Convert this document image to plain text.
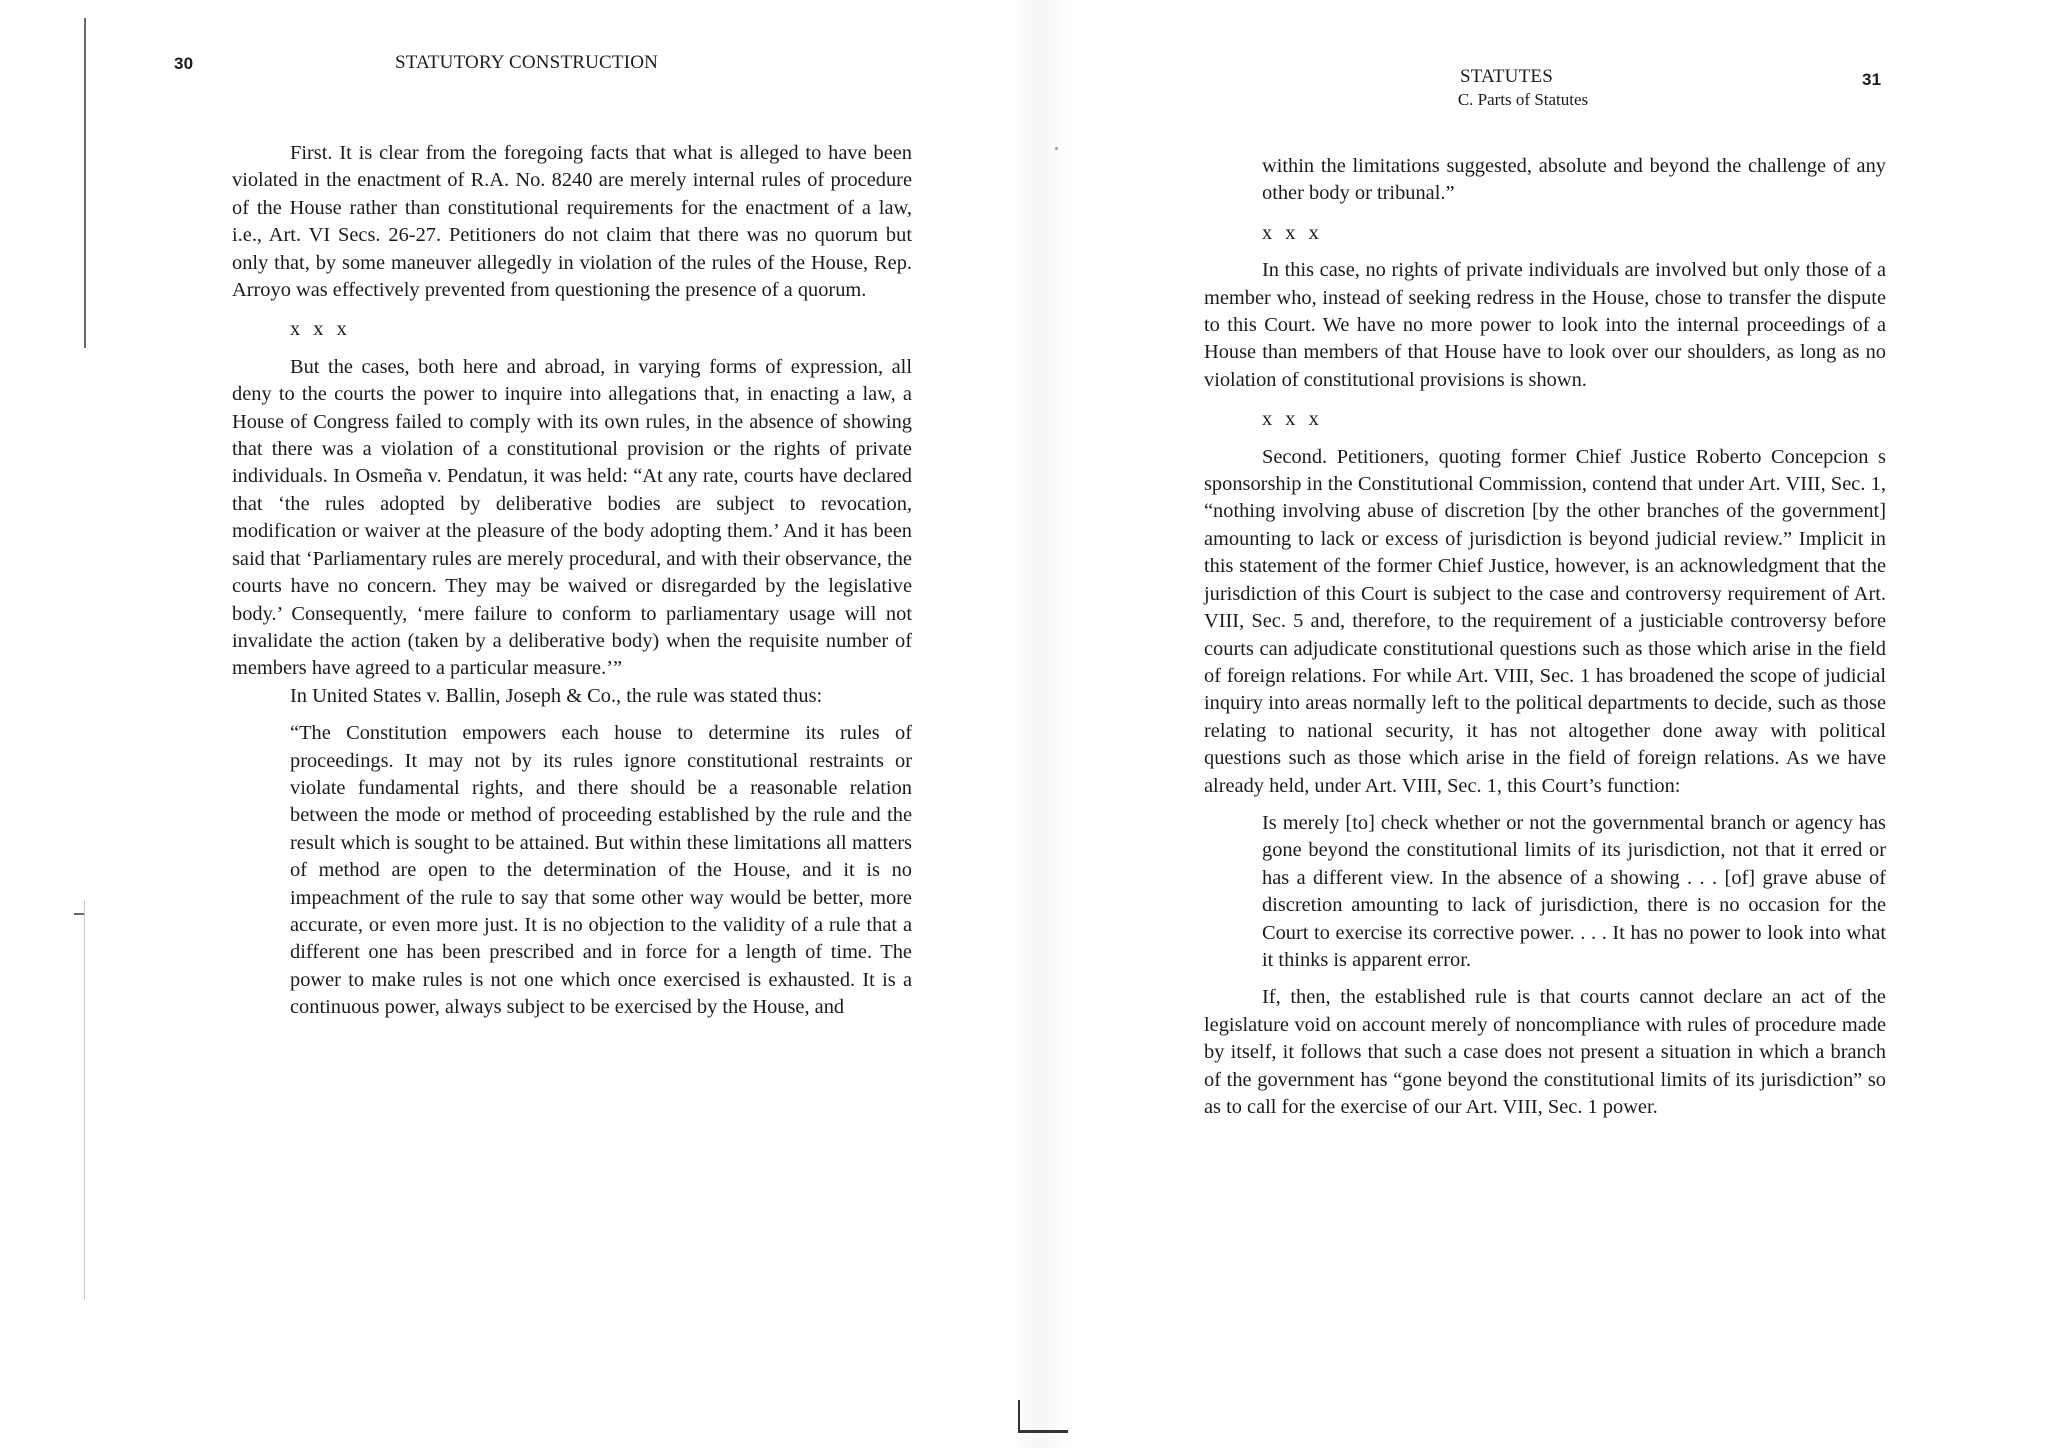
30	STATUTORY CONSTRUCTION

First. It is clear from the foregoing facts that what is alleged to have been violated in the enactment of R.A. No. 8240 are merely internal rules of procedure of the House rather than constitutional requirements for the enactment of a law, i.e., Art. VI Secs. 26-27. Petitioners do not claim that there was no quorum but only that, by some maneuver allegedly in violation of the rules of the House, Rep. Arroyo was effectively prevented from questioning the presence of a quorum.

x x x

But the cases, both here and abroad, in varying forms of expression, all deny to the courts the power to inquire into allegations that, in enacting a law, a House of Congress failed to comply with its own rules, in the absence of showing that there was a violation of a constitutional provision or the rights of private individuals. In Osmeña v. Pendatun, it was held: “At any rate, courts have declared that ‘the rules adopted by deliberative bodies are subject to revocation, modification or waiver at the pleasure of the body adopting them.’ And it has been said that ‘Parliamentary rules are merely procedural, and with their observance, the courts have no concern. They may be waived or disregarded by the legislative body.’ Consequently, ‘mere failure to conform to parliamentary usage will not invalidate the action (taken by a deliberative body) when the requisite number of members have agreed to a particular measure.’”

In United States v. Ballin, Joseph & Co., the rule was stated thus:

“The Constitution empowers each house to determine its rules of proceedings. It may not by its rules ignore constitutional restraints or violate fundamental rights, and there should be a reasonable relation between the mode or method of proceeding established by the rule and the result which is sought to be attained. But within these limitations all matters of method are open to the determination of the House, and it is no impeachment of the rule to say that some other way would be better, more accurate, or even more just. It is no objection to the validity of a rule that a different one has been prescribed and in force for a length of time. The power to make rules is not one which once exercised is exhausted. It is a continuous power, always subject to be exercised by the House, and

STATUTES
C. Parts of Statutes
31

within the limitations suggested, absolute and beyond the challenge of any other body or tribunal.”

x x x

In this case, no rights of private individuals are involved but only those of a member who, instead of seeking redress in the House, chose to transfer the dispute to this Court. We have no more power to look into the internal proceedings of a House than members of that House have to look over our shoulders, as long as no violation of constitutional provisions is shown.

x x x

Second. Petitioners, quoting former Chief Justice Roberto Concepcion s sponsorship in the Constitutional Commission, contend that under Art. VIII, Sec. 1, “nothing involving abuse of discretion [by the other branches of the government] amounting to lack or excess of jurisdiction is beyond judicial review.” Implicit in this statement of the former Chief Justice, however, is an acknowledgment that the jurisdiction of this Court is subject to the case and controversy requirement of Art. VIII, Sec. 5 and, therefore, to the requirement of a justiciable controversy before courts can adjudicate constitutional questions such as those which arise in the field of foreign relations. For while Art. VIII, Sec. 1 has broadened the scope of judicial inquiry into areas normally left to the political departments to decide, such as those relating to national security, it has not altogether done away with political questions such as those which arise in the field of foreign relations. As we have already held, under Art. VIII, Sec. 1, this Court’s function:

Is merely [to] check whether or not the governmental branch or agency has gone beyond the constitutional limits of its jurisdiction, not that it erred or has a different view. In the absence of a showing . . . [of] grave abuse of discretion amounting to lack of jurisdiction, there is no occasion for the Court to exercise its corrective power. . . . It has no power to look into what it thinks is apparent error.

If, then, the established rule is that courts cannot declare an act of the legislature void on account merely of noncompliance with rules of procedure made by itself, it follows that such a case does not present a situation in which a branch of the government has “gone beyond the constitutional limits of its jurisdiction” so as to call for the exercise of our Art. VIII, Sec. 1 power.
